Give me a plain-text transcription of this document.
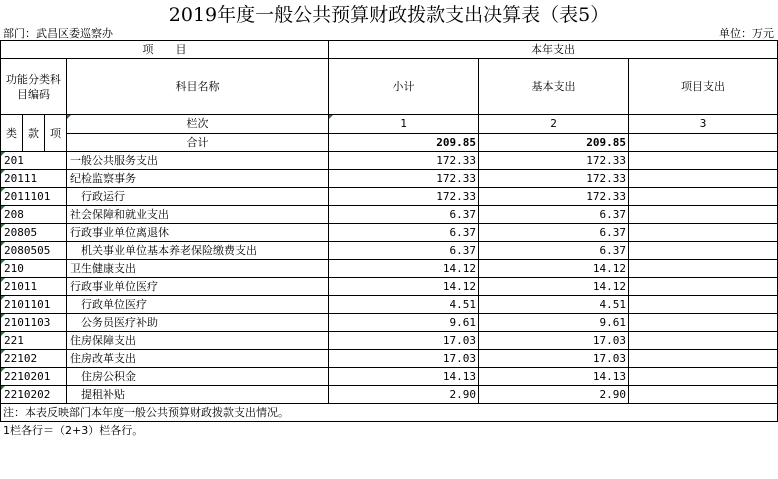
2019年度一般公共预算财政拨款支出决算表（表5）
部门：武昌区委巡察办	单位：万元
项　　目				本年支出		
功能分类科目编码			科目名称	小计	基本支出	项目支出
类	款	项	栏次	1	2	3
			合计	209.85	209.85	
201			一般公共服务支出	172.33	172.33	
20111			纪检监察事务	172.33	172.33	
2011101			行政运行	172.33	172.33	
208			社会保障和就业支出	6.37	6.37	
20805			行政事业单位离退休	6.37	6.37	
2080505			机关事业单位基本养老保险缴费支出	6.37	6.37	
210			卫生健康支出	14.12	14.12	
21011			行政事业单位医疗	14.12	14.12	
2101101			行政单位医疗	4.51	4.51	
2101103			公务员医疗补助	9.61	9.61	
221			住房保障支出	17.03	17.03	
22102			住房改革支出	17.03	17.03	
2210201			住房公积金	14.13	14.13	
2210202			提租补贴	2.90	2.90	
注：本表反映部门本年度一般公共预算财政拨款支出情况。						
1栏各行＝（2+3）栏各行。
